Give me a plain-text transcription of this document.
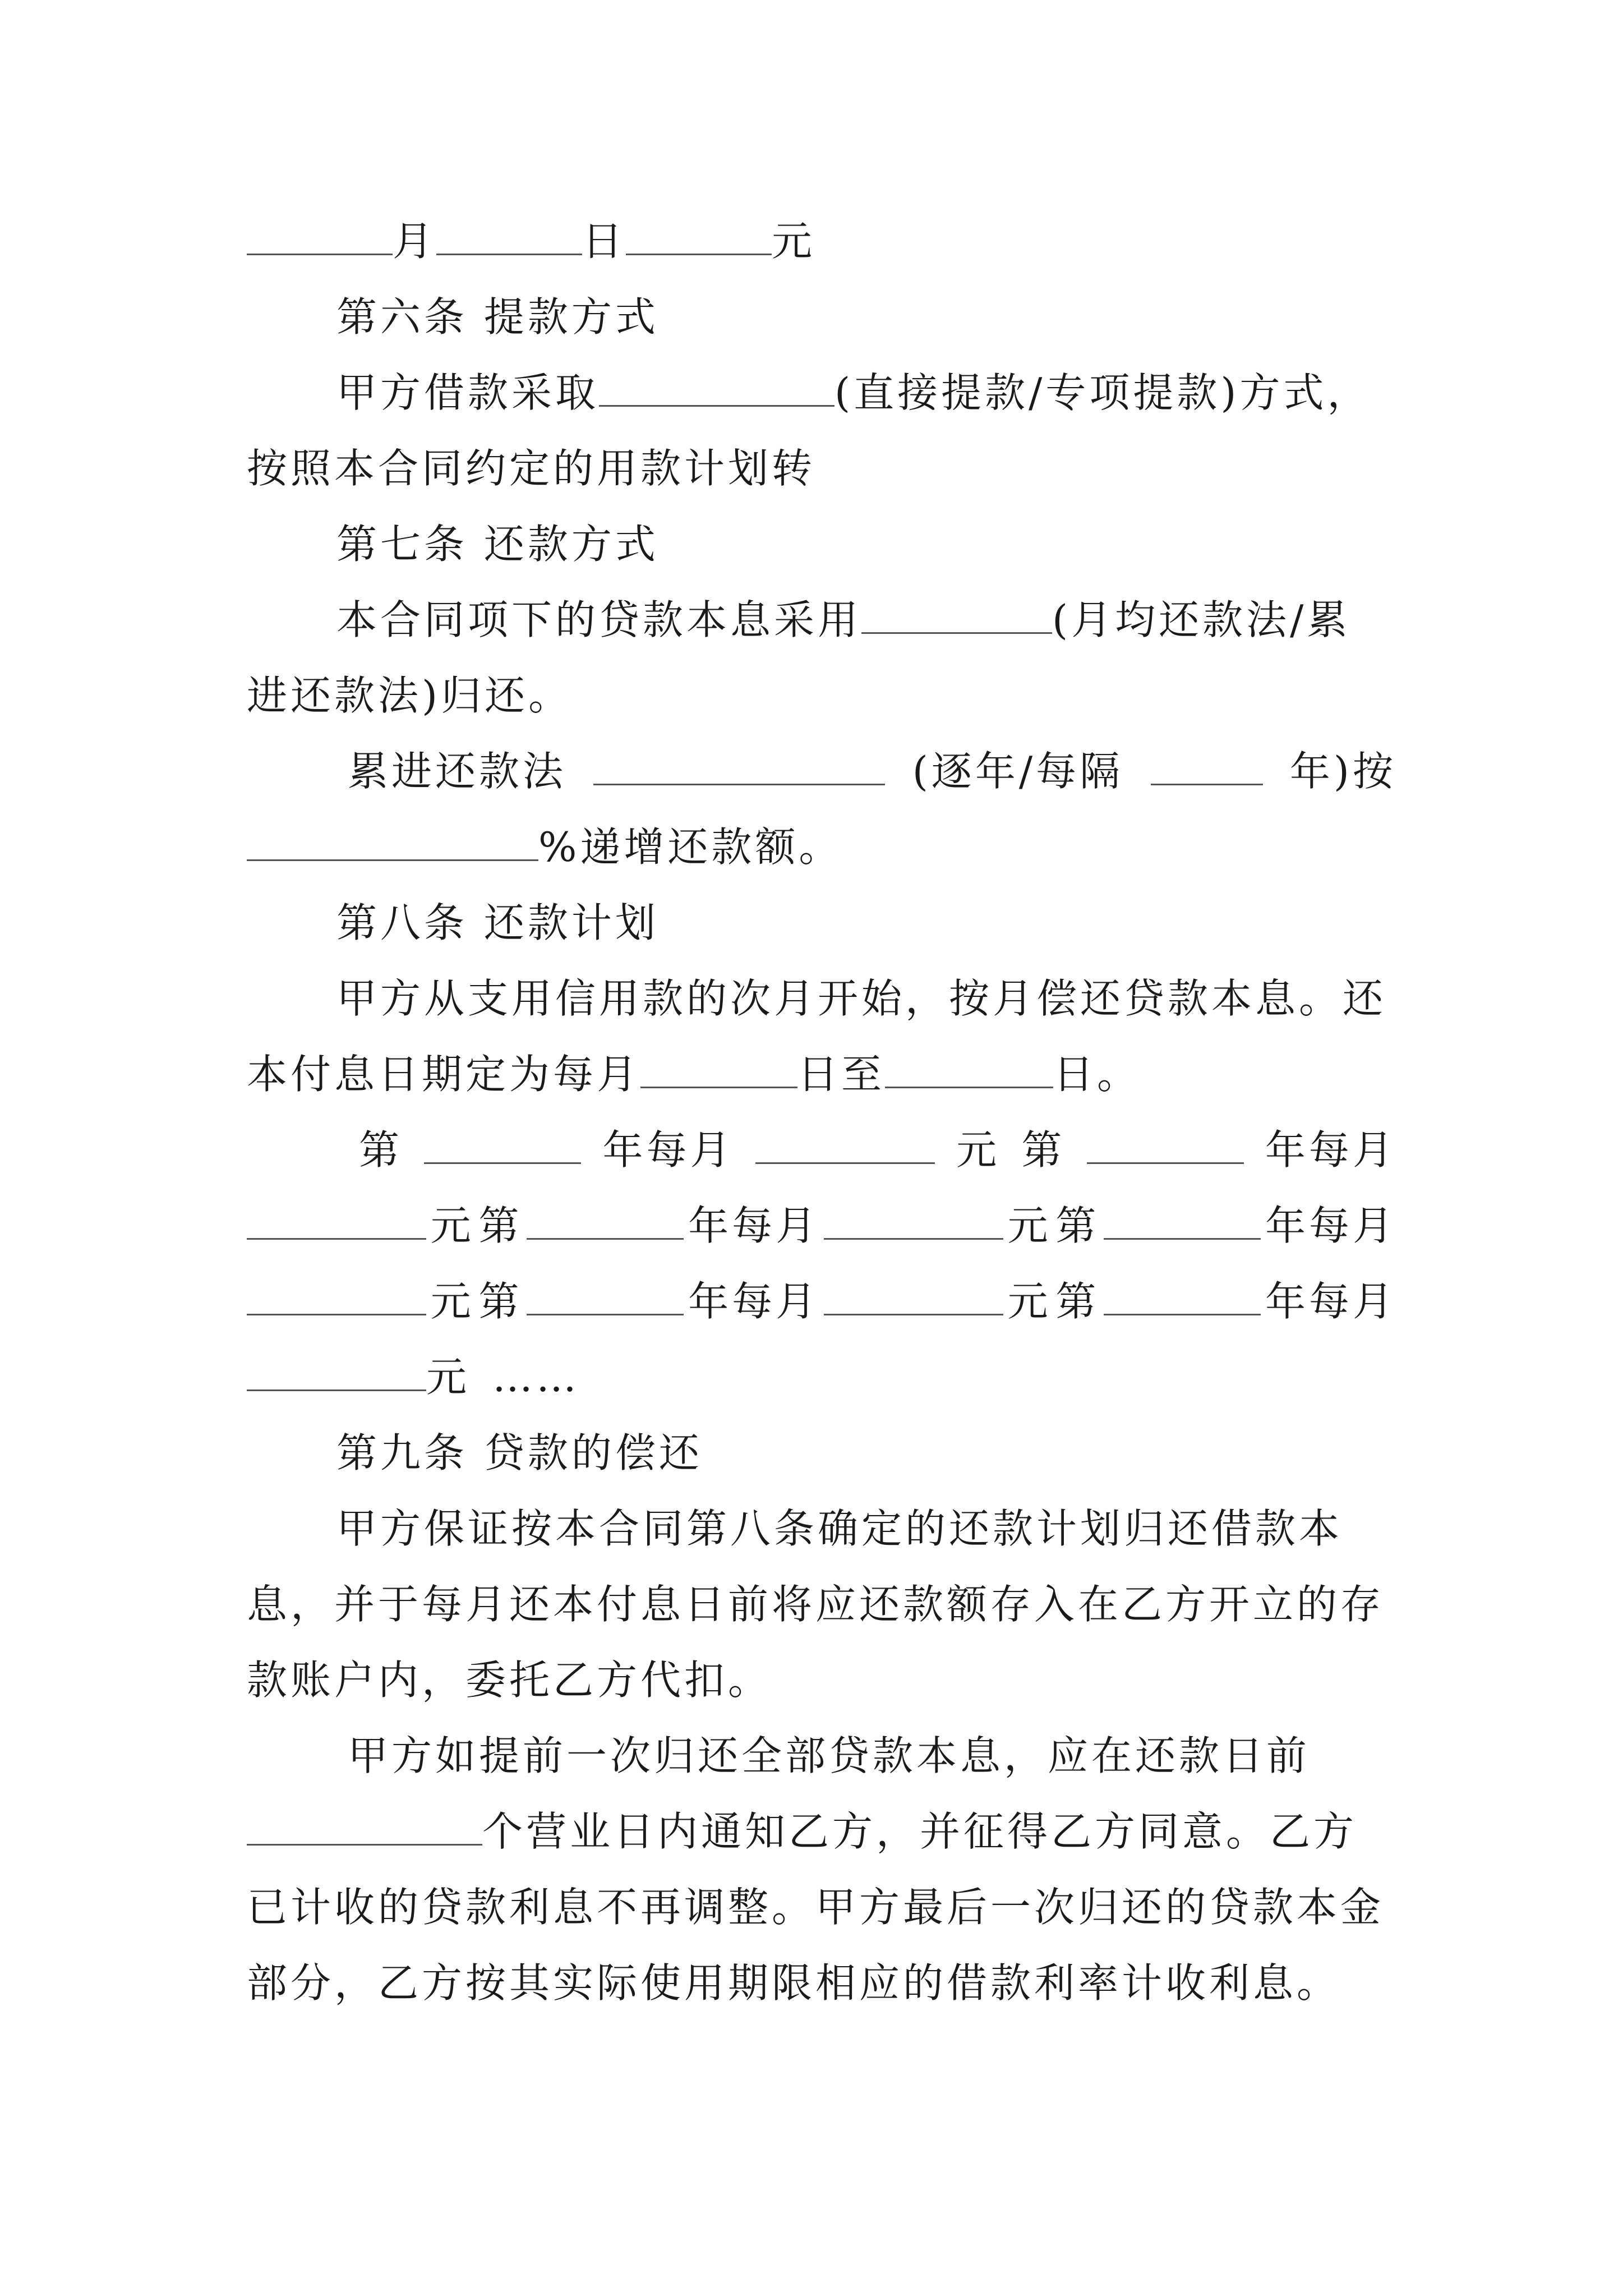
月	日	元
第六条 提款方式
甲方借款采取	(直接提款/专项提款)方式，
按照本合同约定的用款计划转
第七条 还款方式
本合同项下的贷款本息采用	(月均还款法/累
进还款法)归还。
累进还款法	(逐年/每隔	年)按
%递增还款额。
第八条 还款计划
甲方从支用信用款的次月开始，按月偿还贷款本息。还
本付息日期定为每月	日至	日。
第	年每月	元 第	年每月
元 第	年每月	元 第	年每月
元 第	年每月	元 第	年每月
元 ……
第九条 贷款的偿还
甲方保证按本合同第八条确定的还款计划归还借款本
息，并于每月还本付息日前将应还款额存入在乙方开立的存
款账户内，委托乙方代扣。
甲方如提前一次归还全部贷款本息，应在还款日前
个营业日内通知乙方，并征得乙方同意。乙方
已计收的贷款利息不再调整。甲方最后一次归还的贷款本金
部分，乙方按其实际使用期限相应的借款利率计收利息。
